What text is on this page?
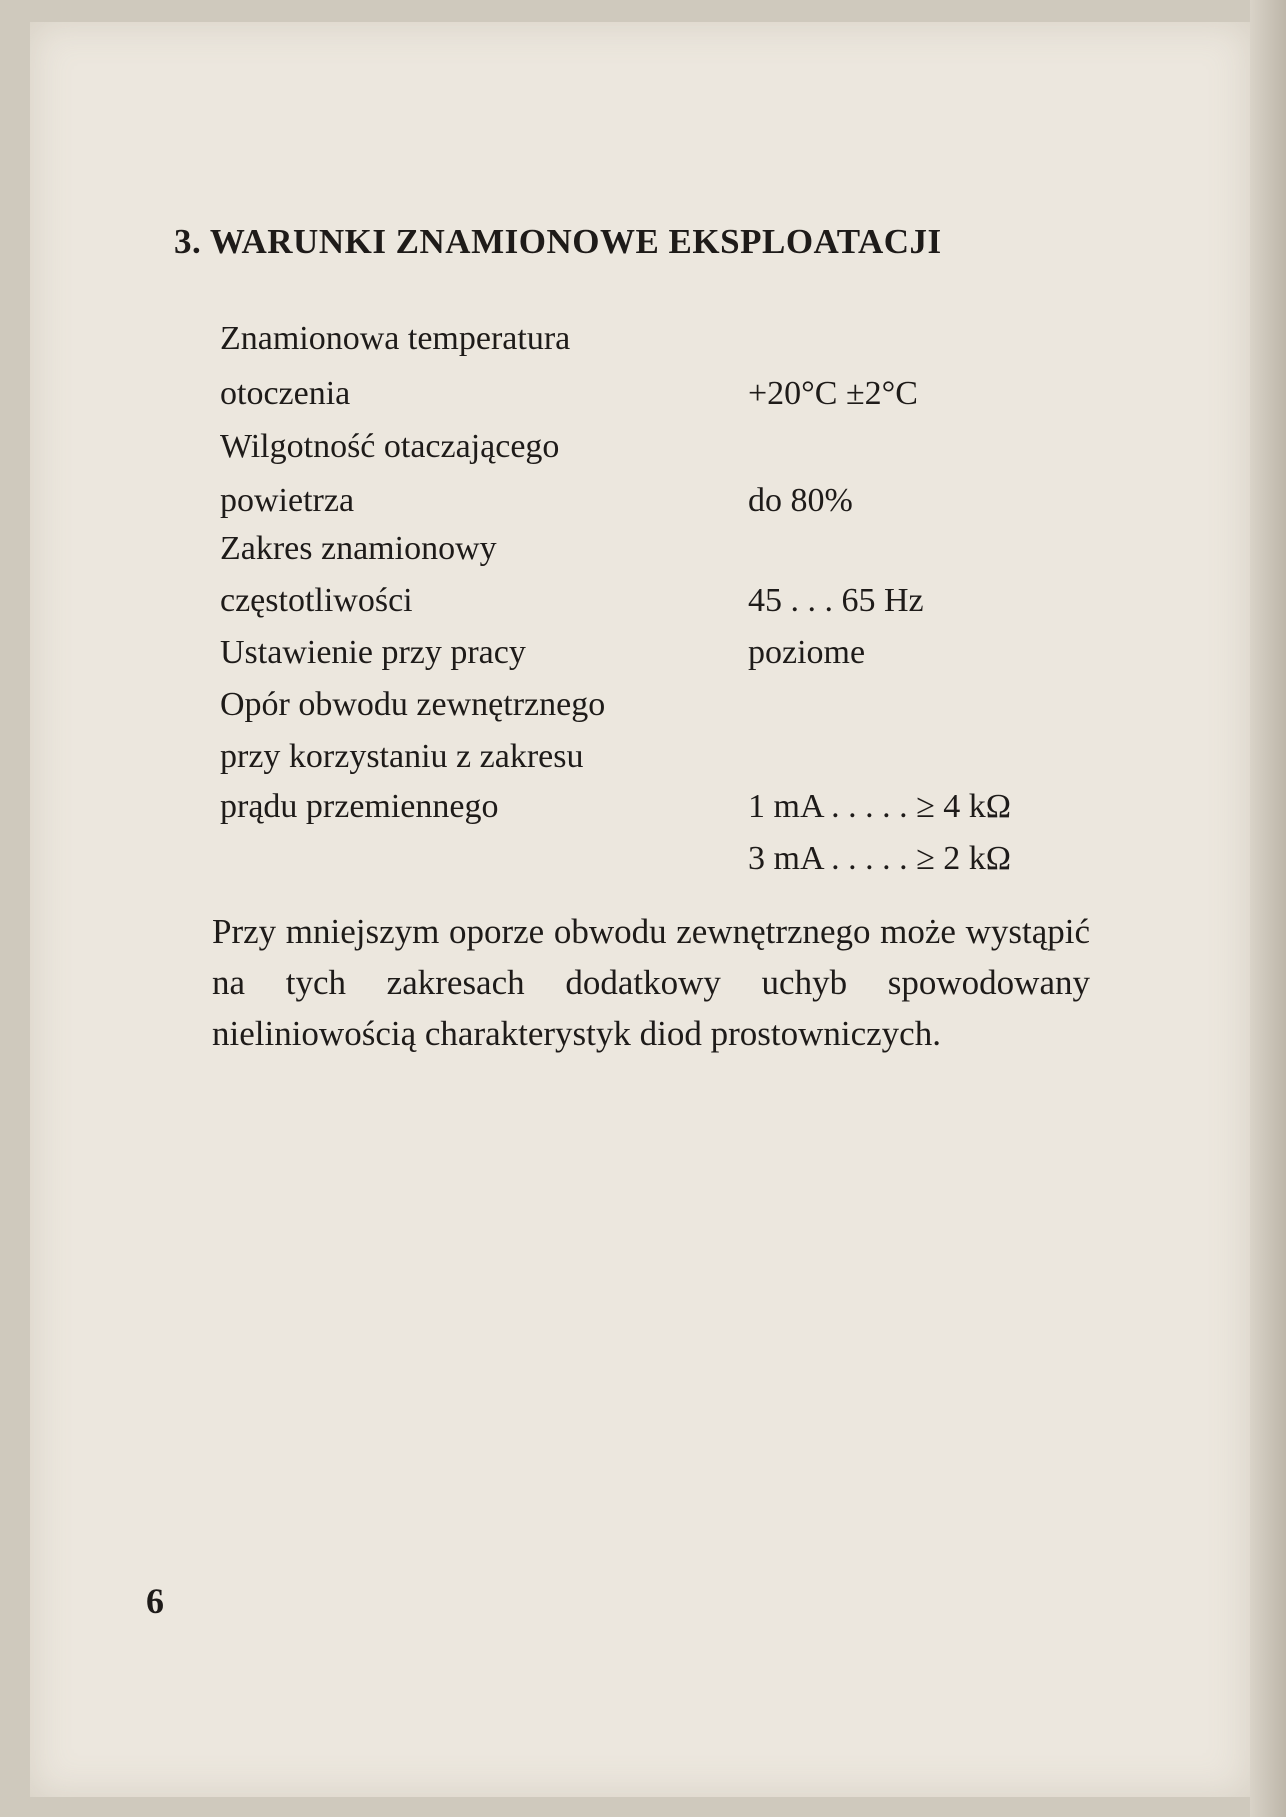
3. WARUNKI ZNAMIONOWE EKSPLOATACJI
Znamionowa temperatura
otoczenia	+20°C ±2°C
Wilgotność otaczającego
powietrza	do 80%
Zakres znamionowy
częstotliwości	45 . . . 65 Hz
Ustawienie przy pracy	poziome
Opór obwodu zewnętrznego
przy korzystaniu z zakresu
prądu przemiennego	1 mA . . . . . ≥ 4 kΩ
3 mA . . . . . ≥ 2 kΩ
Przy mniejszym oporze obwodu zewnętrznego może wystąpić na tych zakresach dodatkowy uchyb spowodowany nieliniowością charakterystyk diod prostowniczych.
6
